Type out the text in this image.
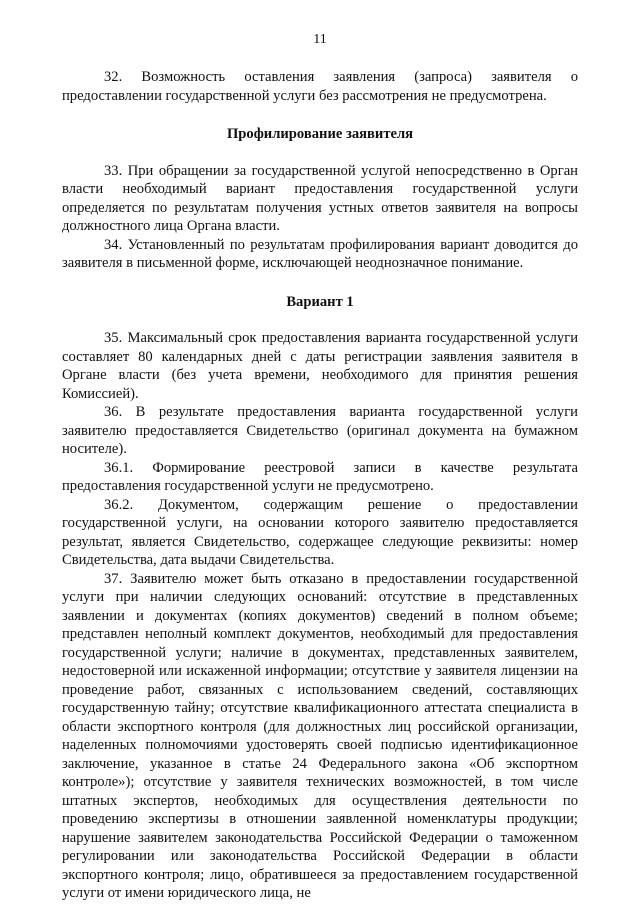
11

32. Возможность оставления заявления (запроса) заявителя о предоставлении государственной услуги без рассмотрения не предусмотрена.

Профилирование заявителя

33. При обращении за государственной услугой непосредственно в Орган власти необходимый вариант предоставления государственной услуги определяется по результатам получения устных ответов заявителя на вопросы должностного лица Органа власти.

34. Установленный по результатам профилирования вариант доводится до заявителя в письменной форме, исключающей неоднозначное понимание.

Вариант 1

35. Максимальный срок предоставления варианта государственной услуги составляет 80 календарных дней с даты регистрации заявления заявителя в Органе власти (без учета времени, необходимого для принятия решения Комиссией).

36. В результате предоставления варианта государственной услуги заявителю предоставляется Свидетельство (оригинал документа на бумажном носителе).

36.1. Формирование реестровой записи в качестве результата предоставления государственной услуги не предусмотрено.

36.2. Документом, содержащим решение о предоставлении государственной услуги, на основании которого заявителю предоставляется результат, является Свидетельство, содержащее следующие реквизиты: номер Свидетельства, дата выдачи Свидетельства.

37. Заявителю может быть отказано в предоставлении государственной услуги при наличии следующих оснований: отсутствие в представленных заявлении и документах (копиях документов) сведений в полном объеме; представлен неполный комплект документов, необходимый для предоставления государственной услуги; наличие в документах, представленных заявителем, недостоверной или искаженной информации; отсутствие у заявителя лицензии на проведение работ, связанных с использованием сведений, составляющих государственную тайну; отсутствие квалификационного аттестата специалиста в области экспортного контроля (для должностных лиц российской организации, наделенных полномочиями удостоверять своей подписью идентификационное заключение, указанное в статье 24 Федерального закона «Об экспортном контроле»); отсутствие у заявителя технических возможностей, в том числе штатных экспертов, необходимых для осуществления деятельности по проведению экспертизы в отношении заявленной номенклатуры продукции; нарушение заявителем законодательства Российской Федерации о таможенном регулировании или законодательства Российской Федерации в области экспортного контроля; лицо, обратившееся за предоставлением государственной услуги от имени юридического лица, не
